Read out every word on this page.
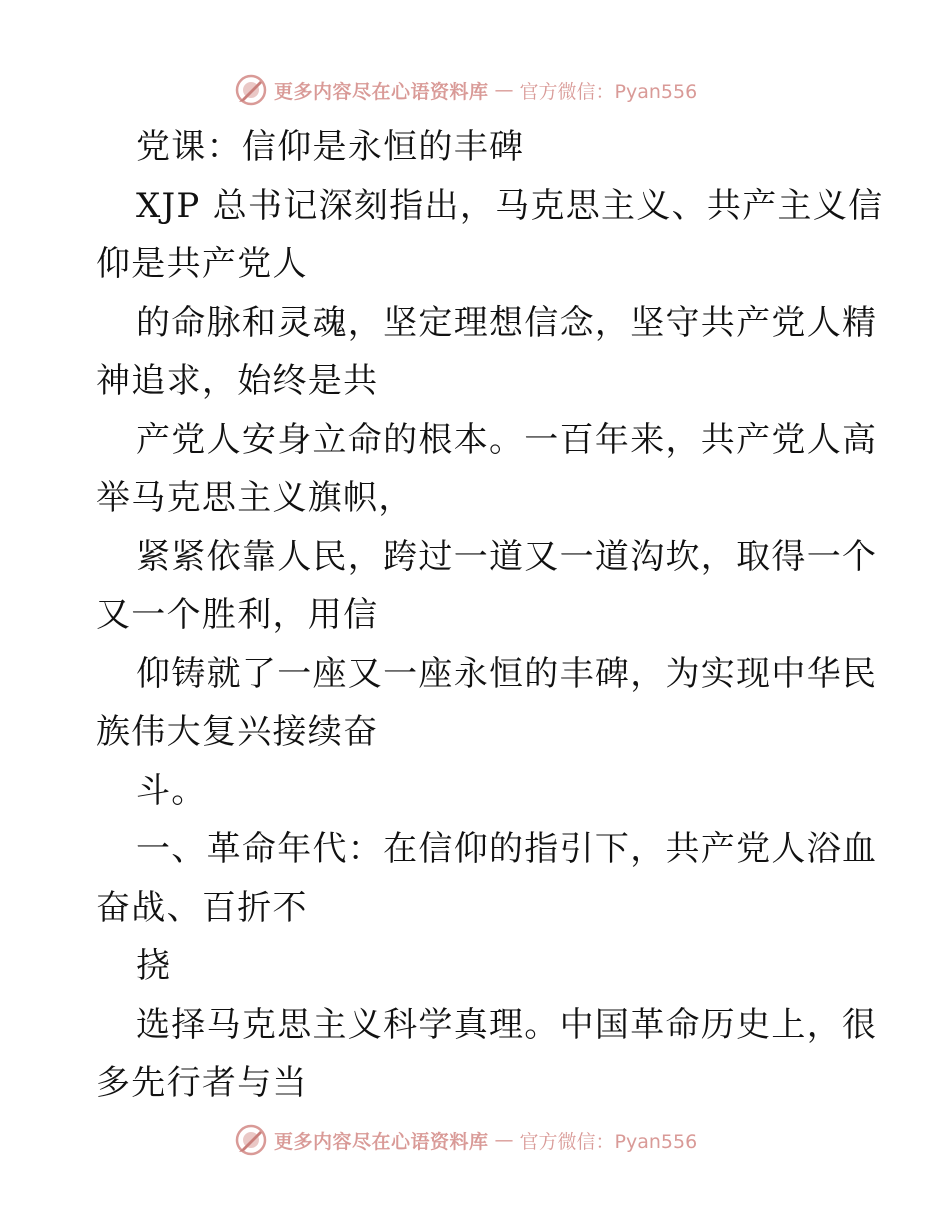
更多内容尽在心语资料库 — 官方微信：Pyan556
党课：信仰是永恒的丰碑
XJP 总书记深刻指出，马克思主义、共产主义信
仰是共产党人
的命脉和灵魂，坚定理想信念，坚守共产党人精
神追求，始终是共
产党人安身立命的根本。一百年来，共产党人高
举马克思主义旗帜，
紧紧依靠人民，跨过一道又一道沟坎，取得一个
又一个胜利，用信
仰铸就了一座又一座永恒的丰碑，为实现中华民
族伟大复兴接续奋
斗。
一、革命年代：在信仰的指引下，共产党人浴血
奋战、百折不
挠
选择马克思主义科学真理。中国革命历史上，很
多先行者与当
更多内容尽在心语资料库 — 官方微信：Pyan556
